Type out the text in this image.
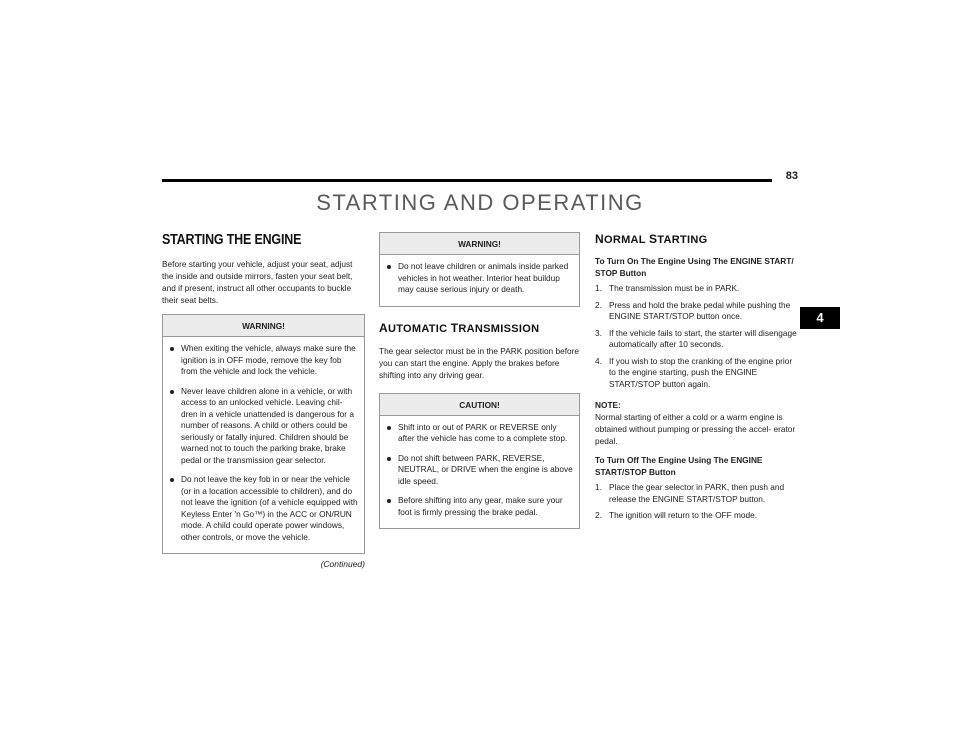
83
STARTING AND OPERATING
4
STARTING THE ENGINE

Before starting your vehicle, adjust your seat, adjust the inside and outside mirrors, fasten your seat belt, and if present, instruct all other occupants to buckle their seat belts.

WARNING!
When exiting the vehicle, always make sure the ignition is in OFF mode, remove the key fob from the vehicle and lock the vehicle.
Never leave children alone in a vehicle, or with access to an unlocked vehicle. Leaving chil- dren in a vehicle unattended is dangerous for a number of reasons. A child or others could be seriously or fatally injured. Children should be warned not to touch the parking brake, brake pedal or the transmission gear selector.
Do not leave the key fob in or near the vehicle (or in a location accessible to children), and do not leave the ignition (of a vehicle equipped with Keyless Enter 'n Go™) in the ACC or ON/RUN mode. A child could operate power windows, other controls, or move the vehicle.
(Continued)
WARNING!
Do not leave children or animals inside parked vehicles in hot weather. Interior heat buildup may cause serious injury or death.
AUTOMATIC TRANSMISSION

The gear selector must be in the PARK position before you can start the engine. Apply the brakes before shifting into any driving gear.

CAUTION!
Shift into or out of PARK or REVERSE only after the vehicle has come to a complete stop.
Do not shift between PARK, REVERSE, NEUTRAL, or DRIVE when the engine is above idle speed.
Before shifting into any gear, make sure your foot is firmly pressing the brake pedal.
NORMAL STARTING
To Turn On The Engine Using The ENGINE START/ STOP Button
1. The transmission must be in PARK.
2. Press and hold the brake pedal while pushing the ENGINE START/STOP button once.
3. If the vehicle fails to start, the starter will disengage automatically after 10 seconds.
4. If you wish to stop the cranking of the engine prior to the engine starting, push the ENGINE START/STOP button again.
NOTE:

Normal starting of either a cold or a warm engine is obtained without pumping or pressing the accel- erator pedal.

To Turn Off The Engine Using The ENGINE START/STOP Button
1. Place the gear selector in PARK, then push and release the ENGINE START/STOP button.
2. The ignition will return to the OFF mode.
